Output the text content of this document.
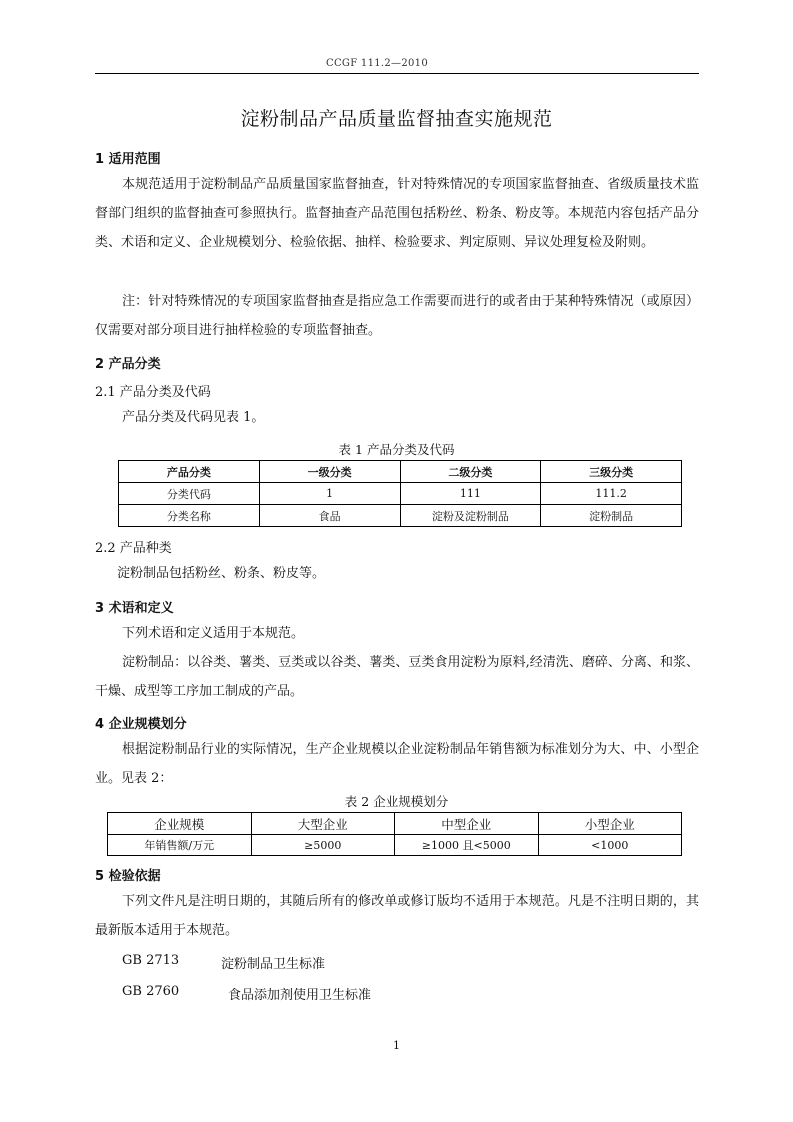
CCGF 111.2—2010
淀粉制品产品质量监督抽查实施规范
1 适用范围

本规范适用于淀粉制品产品质量国家监督抽查，针对特殊情况的专项国家监督抽查、省级质量技术监督部门组织的监督抽查可参照执行。监督抽查产品范围包括粉丝、粉条、粉皮等。本规范内容包括产品分类、术语和定义、企业规模划分、检验依据、抽样、检验要求、判定原则、异议处理复检及附则。

注：针对特殊情况的专项国家监督抽查是指应急工作需要而进行的或者由于某种特殊情况（或原因）仅需要对部分项目进行抽样检验的专项监督抽查。

2 产品分类
2.1 产品分类及代码

产品分类及代码见表 1。

表 1 产品分类及代码
产品分类	一级分类	二级分类	三级分类
分类代码	1	111	111.2
分类名称	食品	淀粉及淀粉制品	淀粉制品
2.2 产品种类

淀粉制品包括粉丝、粉条、粉皮等。

3 术语和定义

下列术语和定义适用于本规范。

淀粉制品：以谷类、薯类、豆类或以谷类、薯类、豆类食用淀粉为原料,经清洗、磨碎、分离、和浆、干燥、成型等工序加工制成的产品。

4 企业规模划分

根据淀粉制品行业的实际情况，生产企业规模以企业淀粉制品年销售额为标准划分为大、中、小型企业。见表 2：

表 2 企业规模划分
企业规模	大型企业	中型企业	小型企业
年销售额/万元	≥5000	≥1000 且<5000	<1000
5 检验依据

下列文件凡是注明日期的，其随后所有的修改单或修订版均不适用于本规范。凡是不注明日期的，其最新版本适用于本规范。

GB 2713	淀粉制品卫生标准
GB 2760	食品添加剂使用卫生标准
1
